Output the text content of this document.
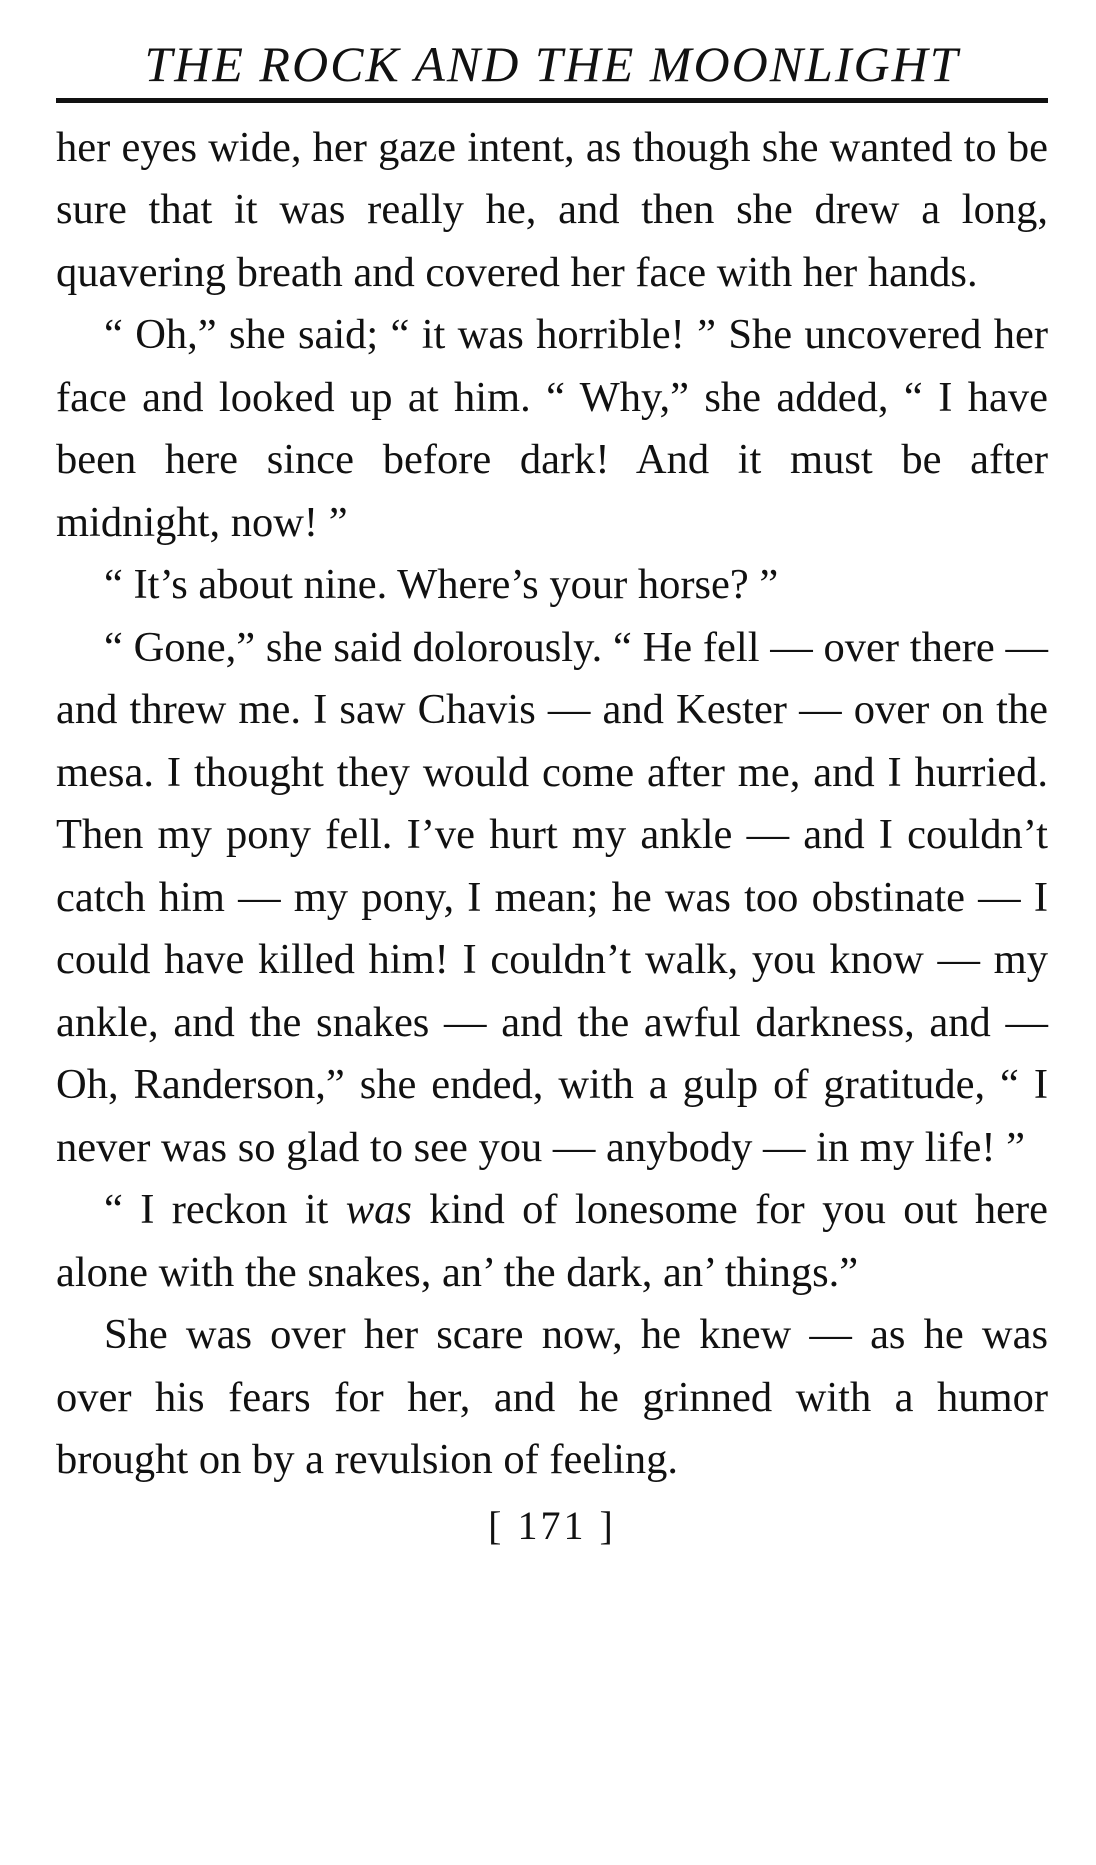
THE ROCK AND THE MOONLIGHT

her eyes wide, her gaze intent, as though she wanted to be sure that it was really he, and then she drew a long, quavering breath and covered her face with her hands.

“ Oh,” she said; “ it was horrible! ” She uncovered her face and looked up at him. “ Why,” she added, “ I have been here since before dark! And it must be after midnight, now! ”

“ It’s about nine. Where’s your horse? ”

“ Gone,” she said dolorously. “ He fell — over there — and threw me. I saw Chavis — and Kester — over on the mesa. I thought they would come after me, and I hurried. Then my pony fell. I’ve hurt my ankle — and I couldn’t catch him — my pony, I mean; he was too obstinate — I could have killed him! I couldn’t walk, you know — my ankle, and the snakes — and the awful darkness, and — Oh, Randerson,” she ended, with a gulp of gratitude, “ I never was so glad to see you — anybody — in my life! ”

“ I reckon it was kind of lonesome for you out here alone with the snakes, an’ the dark, an’ things.”

She was over her scare now, he knew — as he was over his fears for her, and he grinned with a humor brought on by a revulsion of feeling.

[ 171 ]
